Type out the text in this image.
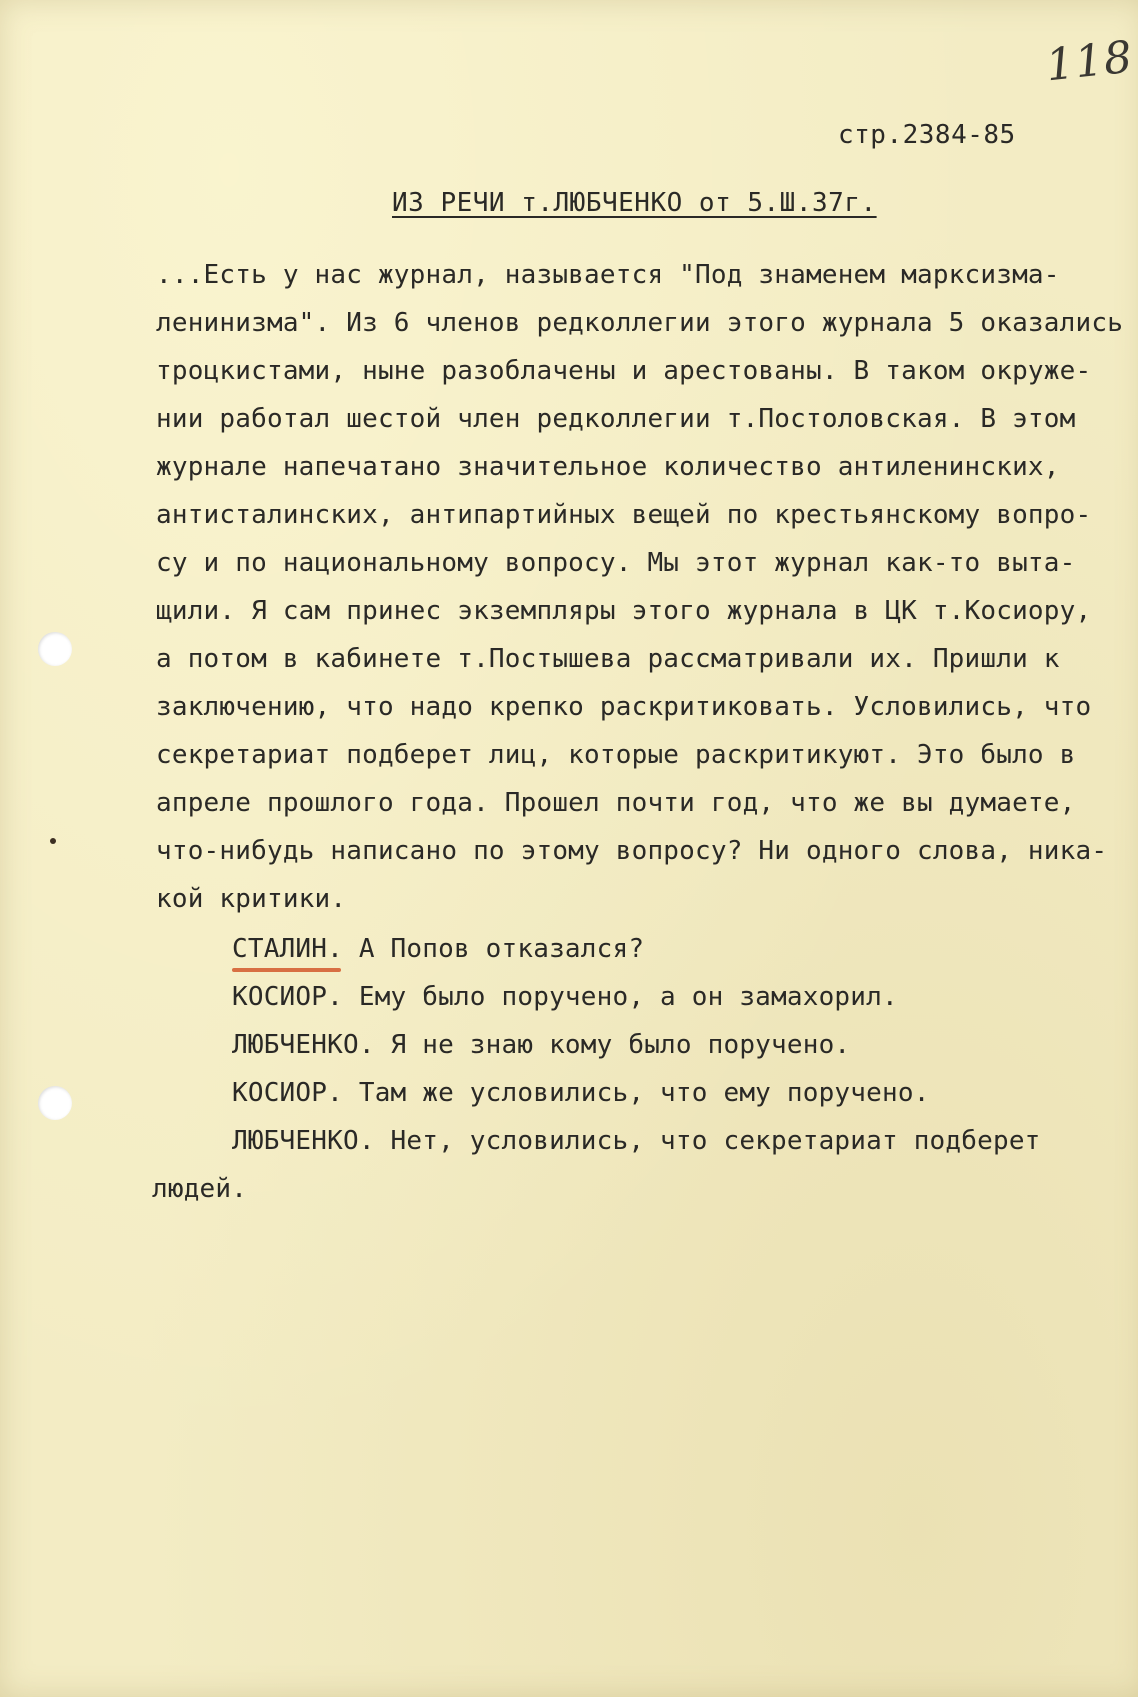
118
стр.2384-85
ИЗ РЕЧИ т.ЛЮБЧЕНКО от 5.Ш.37г.
...Есть у нас журнал, называется "Под знаменем марксизма-
ленинизма". Из 6 членов редколлегии этого журнала 5 оказались
троцкистами, ныне разоблачены и арестованы. В таком окруже-
нии работал шестой член редколлегии т.Постоловская. В этом
журнале напечатано значительное количество антиленинских,
антисталинских, антипартийных вещей по крестьянскому вопро-
су и по национальному вопросу. Мы этот журнал как-то выта-
щили. Я сам принес экземпляры этого журнала в ЦК т.Косиору,
а потом в кабинете т.Постышева рассматривали их. Пришли к
заключению, что надо крепко раскритиковать. Условились, что
секретариат подберет лиц, которые раскритикуют. Это было в
апреле прошлого года. Прошел почти год, что же вы думаете,
что-нибудь написано по этому вопросу? Ни одного слова, ника-
кой критики.
СТАЛИН.
А Попов отказался?
КОСИОР. Ему было поручено, а он замахорил.
ЛЮБЧЕНКО. Я не знаю кому было поручено.
КОСИОР. Там же условились, что ему поручено.
ЛЮБЧЕНКО. Нет, условились, что секретариат подберет
людей.
